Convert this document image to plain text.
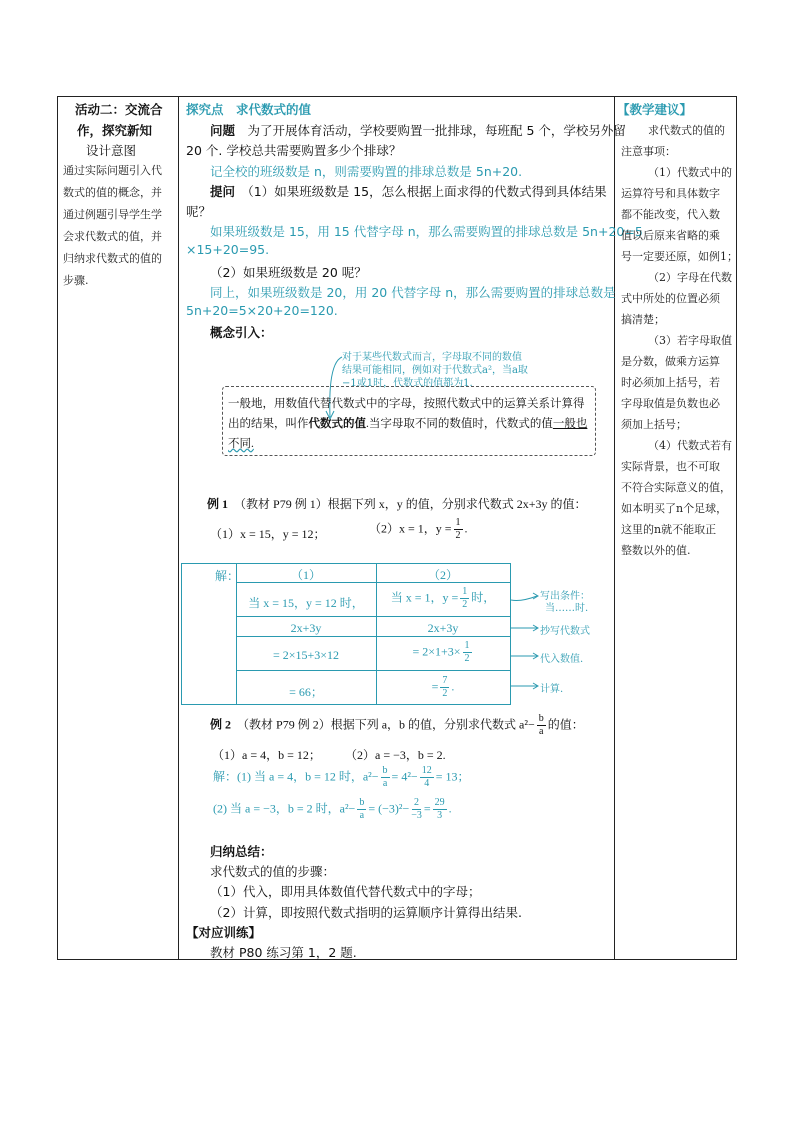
活动二：交流合
作，探究新知
设计意图
通过实际问题引入代
数式的值的概念，并
通过例题引导学生学
会求代数式的值，并
归纳求代数式的值的
步骤.
探究点　求代数式的值
问题　 为了开展体育活动，学校要购置一批排球，每班配 5 个，学校另外留
20 个. 学校总共需要购置多少个排球？
记全校的班级数是 n，则需要购置的排球总数是 5n+20.
提问　 （1）如果班级数是 15，怎么根据上面求得的代数式得到具体结果
呢？
如果班级数是 15，用 15 代替字母 n，那么需要购置的排球总数是 5n+20=5
×15+20=95.
（2）如果班级数是 20 呢？
同上，如果班级数是 20，用 20 代替字母 n，那么需要购置的排球总数是
5n+20=5×20+20=120.
概念引入：
对于某些代数式而言，字母取不同的数值
结果可能相同，例如对于代数式a²，当a取
−1或1时，代数式的值都为1.
一般地，用数值代替代数式中的字母，按照代数式中的运算关系计算得
出的结果，叫作代数式的值.当字母取不同的数值时，代数式的值一般也
不同.
例 1　 （教材 P79 例 1）根据下列 x，y 的值，分别求代数式 2x+3y 的值：
（1）x = 15，y = 12；	（2）x = 1，$y = \frac{1}{2}$ .
解：	（1）	（2）
当 x = 15，y = 12 时，	当 x = 1，$y = \frac{1}{2}$ 时，
2x+3y	2x+3y
= 2×15+3×12	= $2\times 1+3\times \frac{1}{2}$
= 66；	= $\frac{7}{2}$ .
写出条件：
当……时.
抄写代数式
代入数值.
计算.
例 2　 （教材 P79 例 2）根据下列 a，b 的值，分别求代数式 $a^2- \frac{b}{a}$ 的值：
（1）a = 4，b = 12； （2）a = −3，b = 2.
解：(1) 当 a = 4，b = 12 时，$a^2- \frac{b}{a} = 4^2- \frac{12}{4} = 13$；
(2) 当 a = −3，b = 2 时，$a^2- \frac{b}{a} = (-3)^2- \frac{2}{-3} = \frac{29}{3}$ .
归纳总结：
求代数式的值的步骤：
（1）代入，即用具体数值代替代数式中的字母；
（2）计算，即按照代数式指明的运算顺序计算得出结果.
【对应训练】
教材 P80 练习第 1，2 题.
【教学建议】
求代数式的值的
注意事项：
（1）代数式中的
运算符号和具体数字
都不能改变，代入数
值以后原来省略的乘
号一定要还原，如例1；
（2）字母在代数
式中所处的位置必须
搞清楚；
（3）若字母取值
是分数，做乘方运算
时必须加上括号，若
字母取值是负数也必
须加上括号；
（4）代数式若有
实际背景，也不可取
不符合实际意义的值，
如本明买了n个足球，
这里的n就不能取正
整数以外的值.
